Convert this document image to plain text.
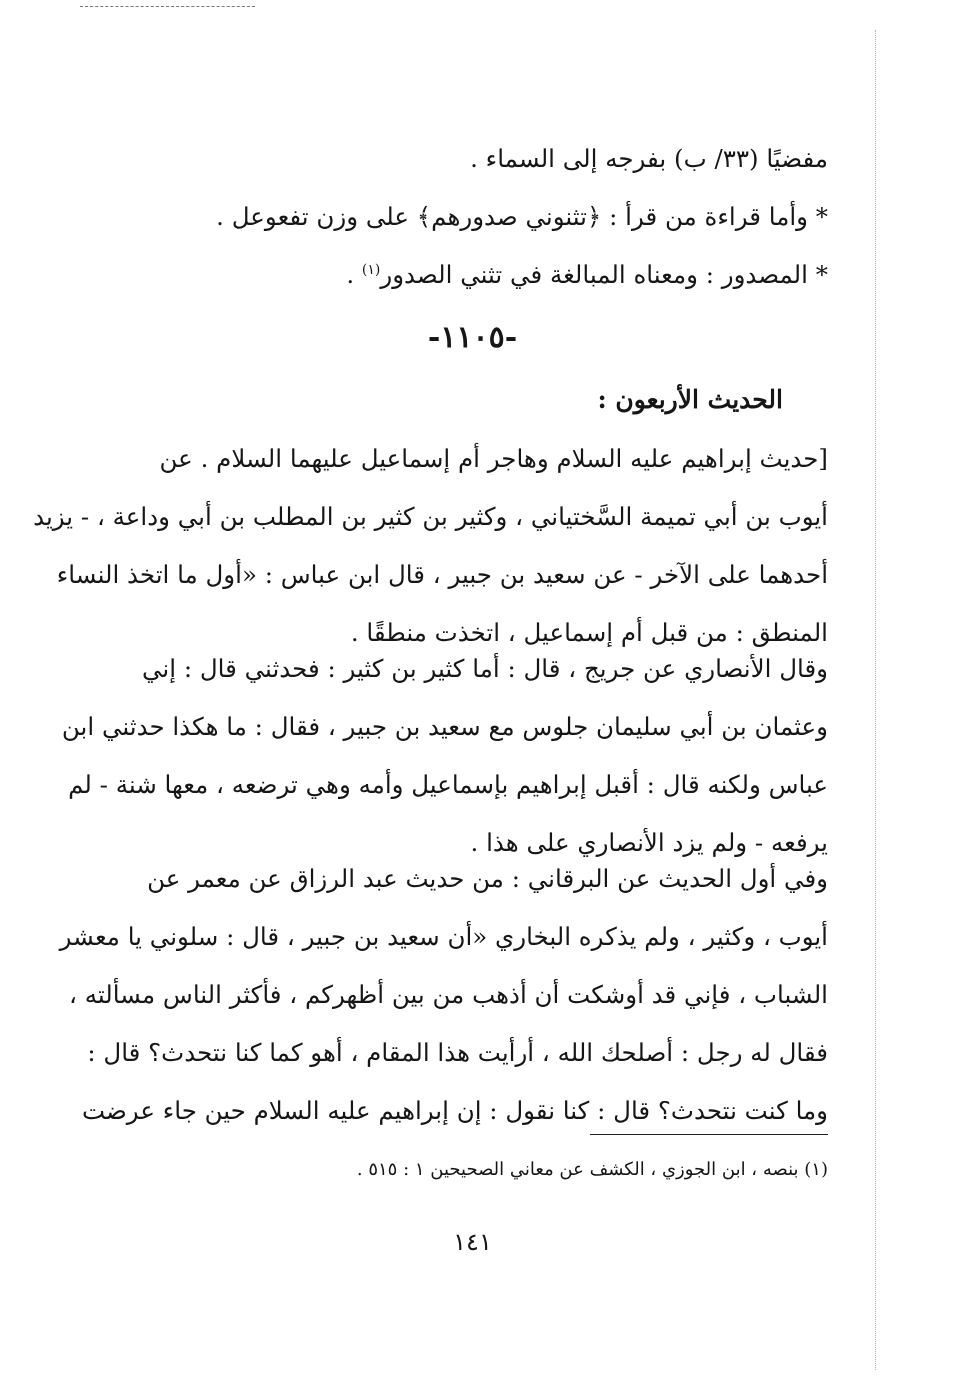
مفضيًا (٣٣/ ب) بفرجه إلى السماء .
* وأما قراءة من قرأ : ﴿تثنوني صدورهم﴾ على وزن تفعوعل .
* المصدور : ومعناه المبالغة في تثني الصدور$^{(١)}$ .
-١١٠٥-
الحديث الأربعون :
[حديث إبراهيم عليه السلام وهاجر أم إسماعيل عليهما السلام . عن
أيوب بن أبي تميمة السَّختياني ، وكثير بن كثير بن المطلب بن أبي وداعة ، - يزيد
أحدهما على الآخر - عن سعيد بن جبير ، قال ابن عباس : «أول ما اتخذ النساء
المنطق : من قبل أم إسماعيل ، اتخذت منطقًا .
وقال الأنصاري عن جريج ، قال : أما كثير بن كثير : فحدثني قال : إني
وعثمان بن أبي سليمان جلوس مع سعيد بن جبير ، فقال : ما هكذا حدثني ابن
عباس ولكنه قال : أقبل إبراهيم بإسماعيل وأمه وهي ترضعه ، معها شنة - لم
يرفعه - ولم يزد الأنصاري على هذا .
وفي أول الحديث عن البرقاني : من حديث عبد الرزاق عن معمر عن
أيوب ، وكثير ، ولم يذكره البخاري «أن سعيد بن جبير ، قال : سلوني يا معشر
الشباب ، فإني قد أوشكت أن أذهب من بين أظهركم ، فأكثر الناس مسألته ،
فقال له رجل : أصلحك الله ، أرأيت هذا المقام ، أهو كما كنا نتحدث؟ قال :
وما كنت نتحدث؟ قال : كنا نقول : إن إبراهيم عليه السلام حين جاء عرضت
(١) بنصه ، ابن الجوزي ، الكشف عن معاني الصحيحين ١ : ٥١٥ .
١٤١
